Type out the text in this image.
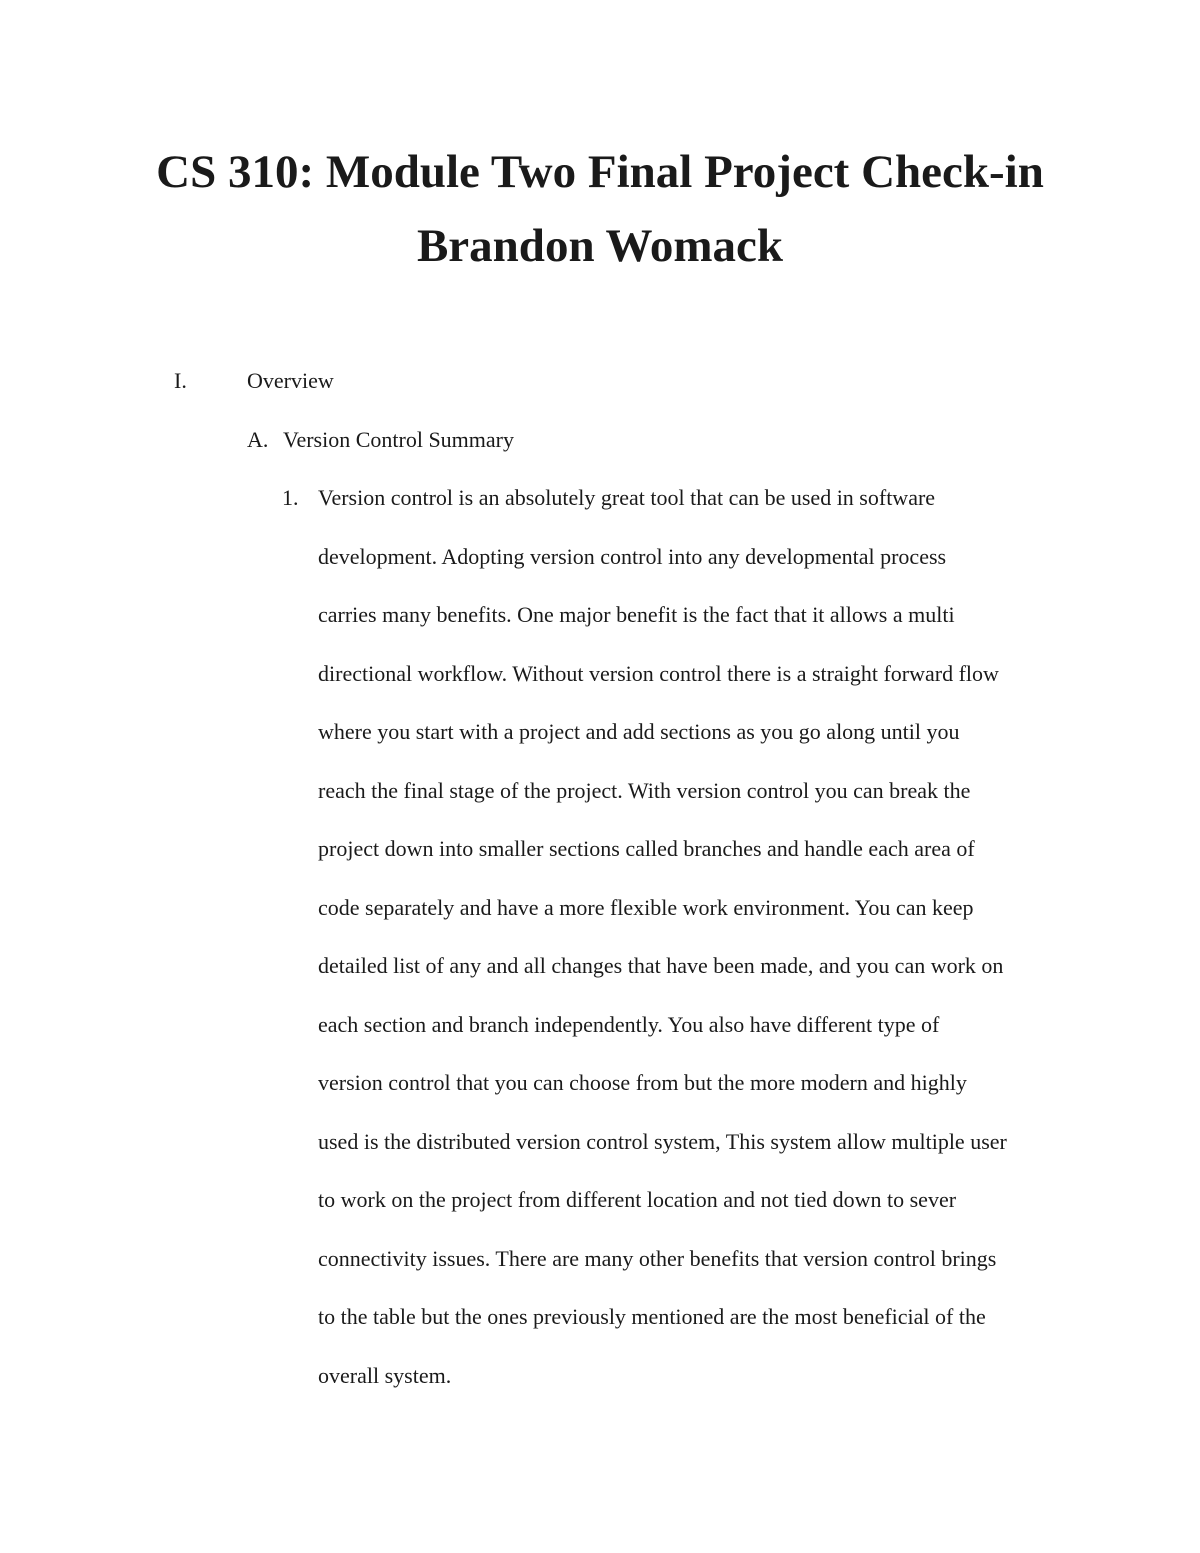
CS 310: Module Two Final Project Check-in
Brandon Womack
I.	Overview
A. Version Control Summary
1. Version control is an absolutely great tool that can be used in software
development. Adopting version control into any developmental process
carries many benefits. One major benefit is the fact that it allows a multi
directional workflow. Without version control there is a straight forward flow
where you start with a project and add sections as you go along until you
reach the final stage of the project. With version control you can break the
project down into smaller sections called branches and handle each area of
code separately and have a more flexible work environment. You can keep
detailed list of any and all changes that have been made, and you can work on
each section and branch independently. You also have different type of
version control that you can choose from but the more modern and highly
used is the distributed version control system, This system allow multiple user
to work on the project from different location and not tied down to sever
connectivity issues. There are many other benefits that version control brings
to the table but the ones previously mentioned are the most beneficial of the
overall system.
